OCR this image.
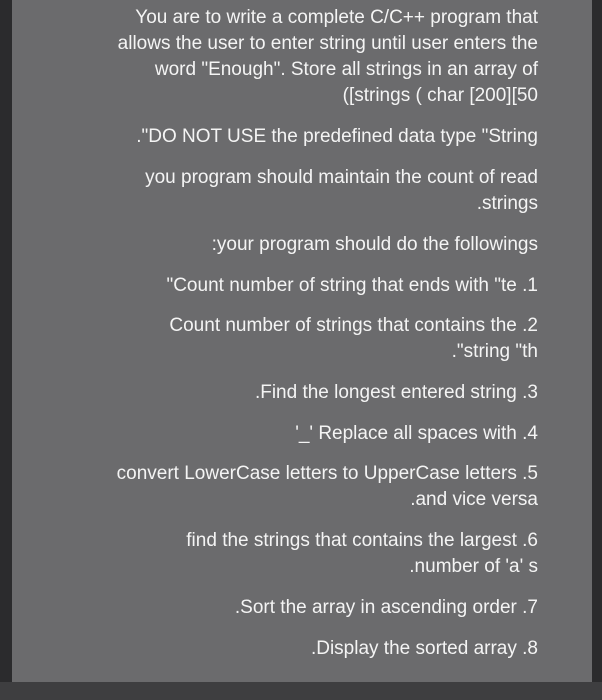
You are to write a complete C/C++ program that
allows the user to enter string until user enters the
word "Enough". Store all strings in an array of
([strings ( char [200][50
."DO NOT USE the predefined data type "String
you program should maintain the count of read
.strings
:your program should do the followings
"Count number of string that ends with "te .1
Count number of strings that contains the .2
."string "th
.Find the longest entered string .3
'_' Replace all spaces with .4
convert LowerCase letters to UpperCase letters .5
.and vice versa
find the strings that contains the largest .6
.number of 'a' s
.Sort the array in ascending order .7
.Display the sorted array .8
